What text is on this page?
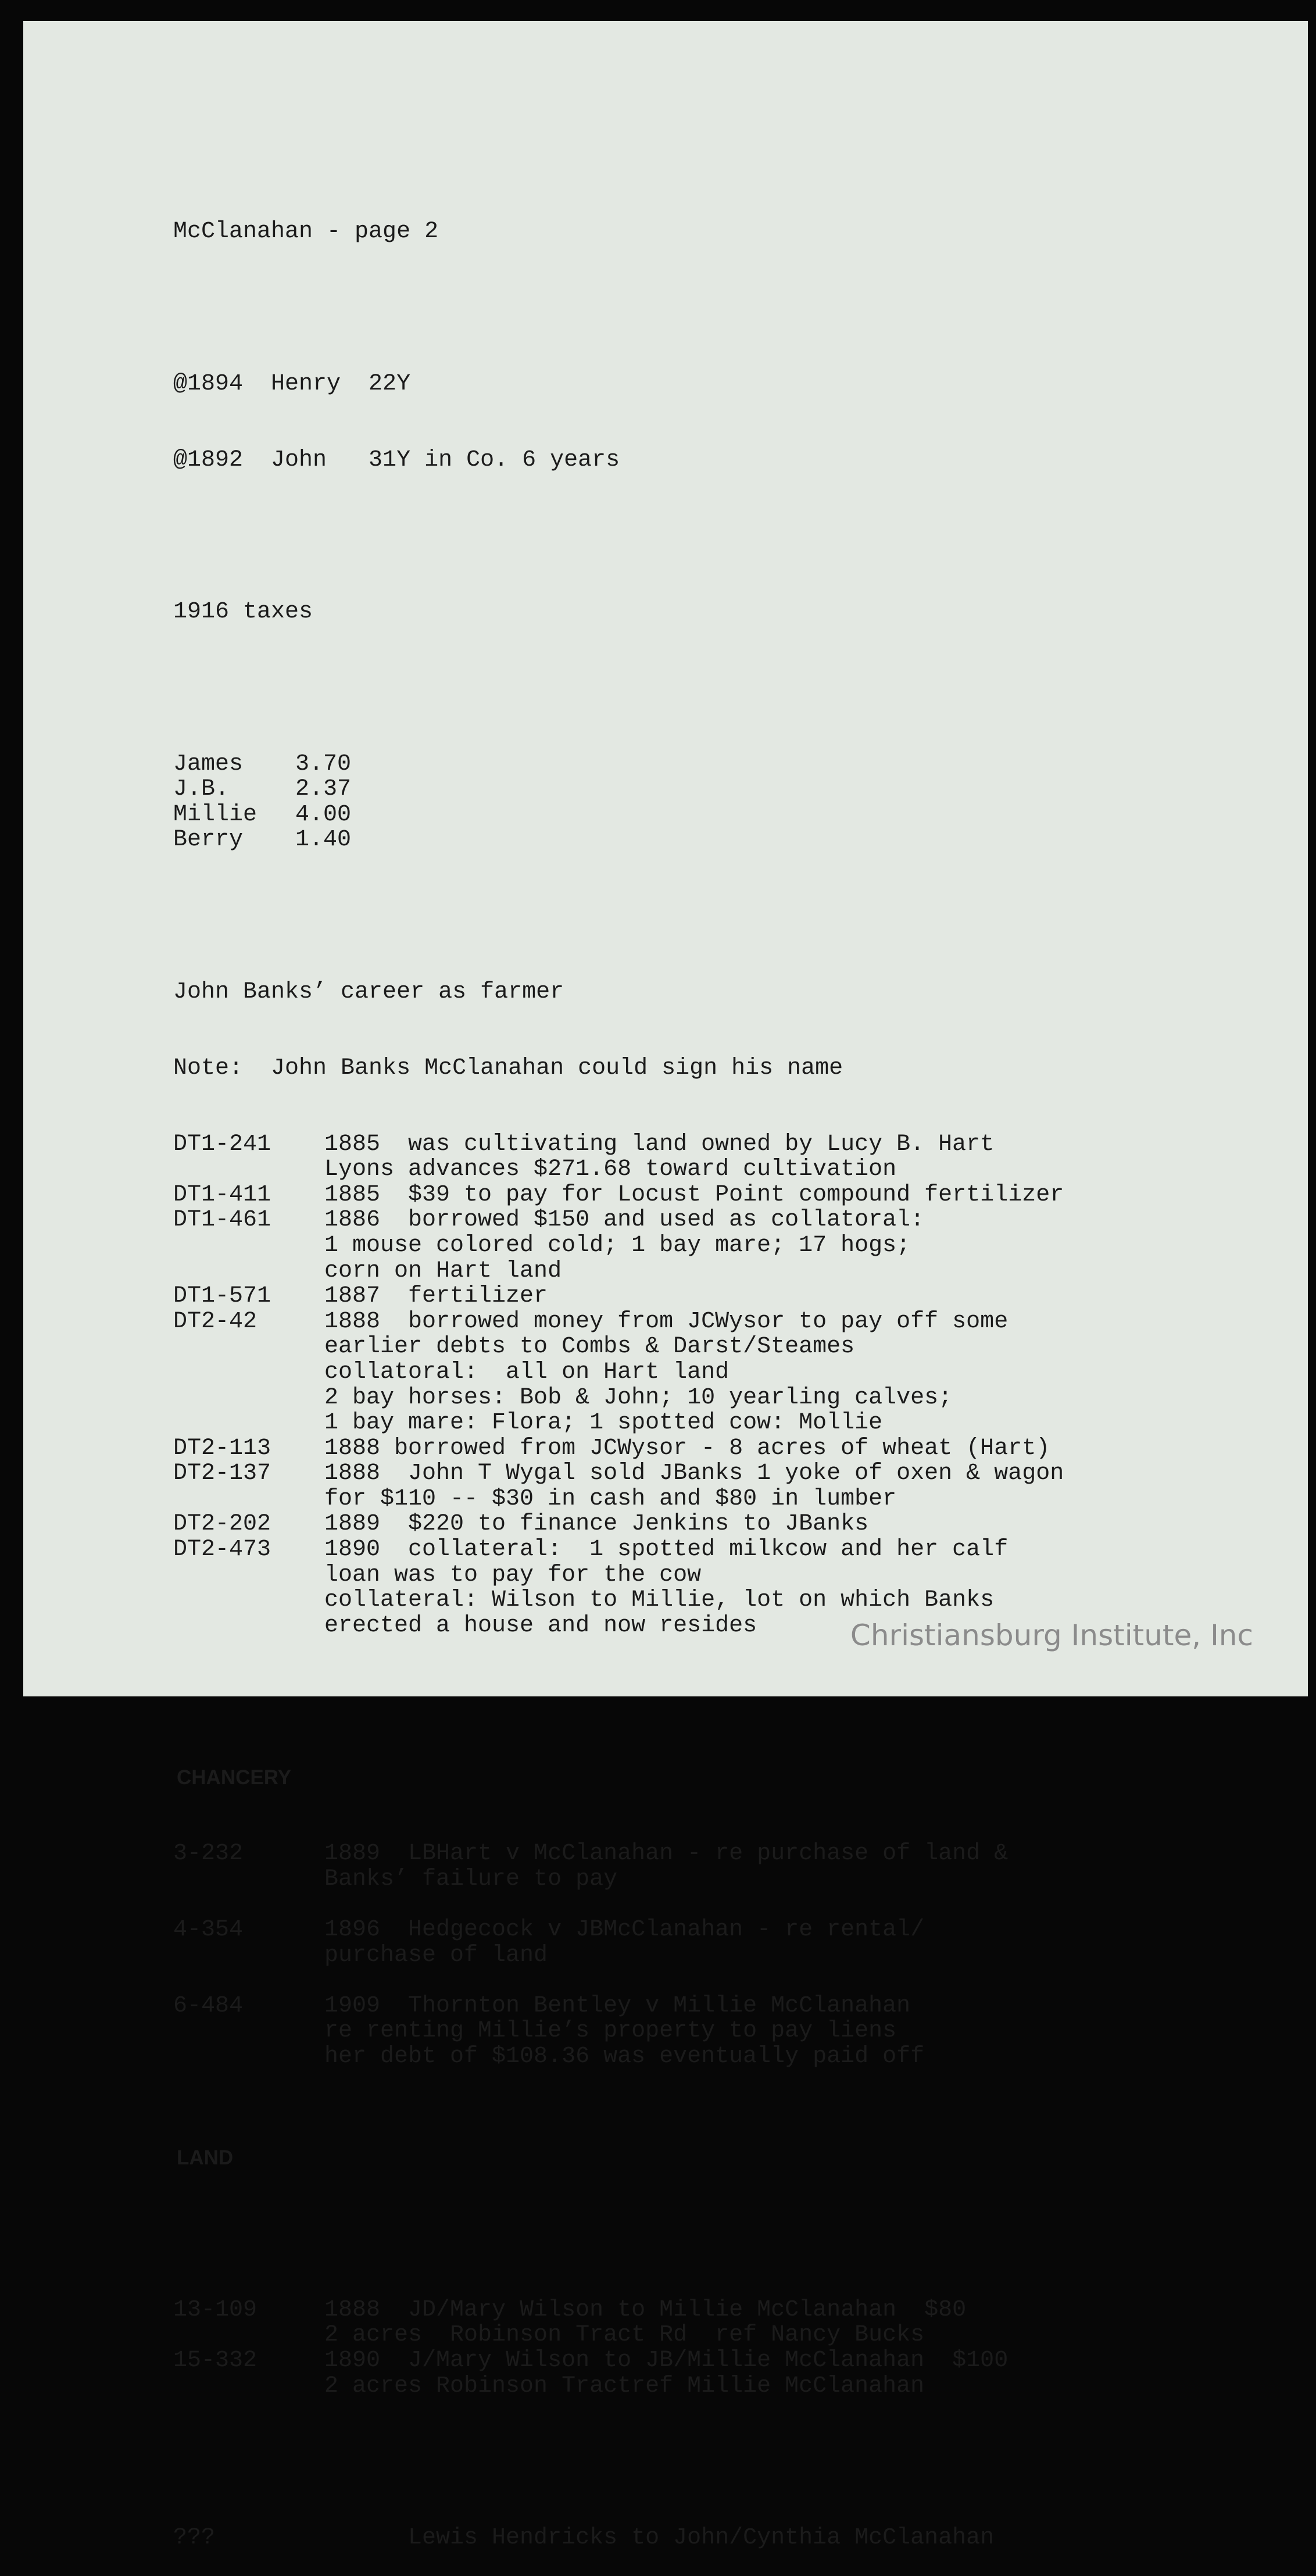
McClanahan - page 2

@1894  Henry  22Y

@1892  John   31Y in Co. 6 years

1916 taxes

James 3.70
J.B.	2.37
Millie 4.00
Berry 1.40

John Banks’ career as farmer

Note:  John Banks McClanahan could sign his name

DT1-241 1885  was cultivating land owned by Lucy B. Hart
Lyons advances $271.68 toward cultivation
DT1-411 1885  $39 to pay for Locust Point compound fertilizer
DT1-461 1886  borrowed $150 and used as collatoral:
1 mouse colored cold; 1 bay mare; 17 hogs;
corn on Hart land
DT1-571 1887  fertilizer
DT2-42	1888  borrowed money from JCWysor to pay off some
earlier debts to Combs & Darst/Steames
collatoral:  all on Hart land
2 bay horses: Bob & John; 10 yearling calves;
1 bay mare: Flora; 1 spotted cow: Mollie
DT2-113 1888 borrowed from JCWysor - 8 acres of wheat (Hart)
DT2-137 1888  John T Wygal sold JBanks 1 yoke of oxen & wagon
for $110 -- $30 in cash and $80 in lumber
DT2-202 1889  $220 to finance Jenkins to JBanks
DT2-473 1890  collateral:  1 spotted milkcow and her calf
loan was to pay for the cow
collateral: Wilson to Millie, lot on which Banks
erected a house and now resides

CHANCERY

3-232	1889  LBHart v McClanahan - re purchase of land &
Banks’ failure to pay
4-354	1896  Hedgecock v JBMcClanahan - re rental/
purchase of land
6-484	1909  Thornton Bentley v Millie McClanahan
re renting Millie’s property to pay liens
her debt of $108.36 was eventually paid off

LAND

13-109	1888  JD/Mary Wilson to Millie McClanahan  $80
2 acres  Robinson Tract Rd  ref Nancy Bucks
15-332	1890  J/Mary Wilson to JB/Millie McClanahan  $100
2 acres Robinson Tractref Millie McClanahan

???	Lewis Hendricks to John/Cynthia McClanahan

Christiansburg Institute, Inc
